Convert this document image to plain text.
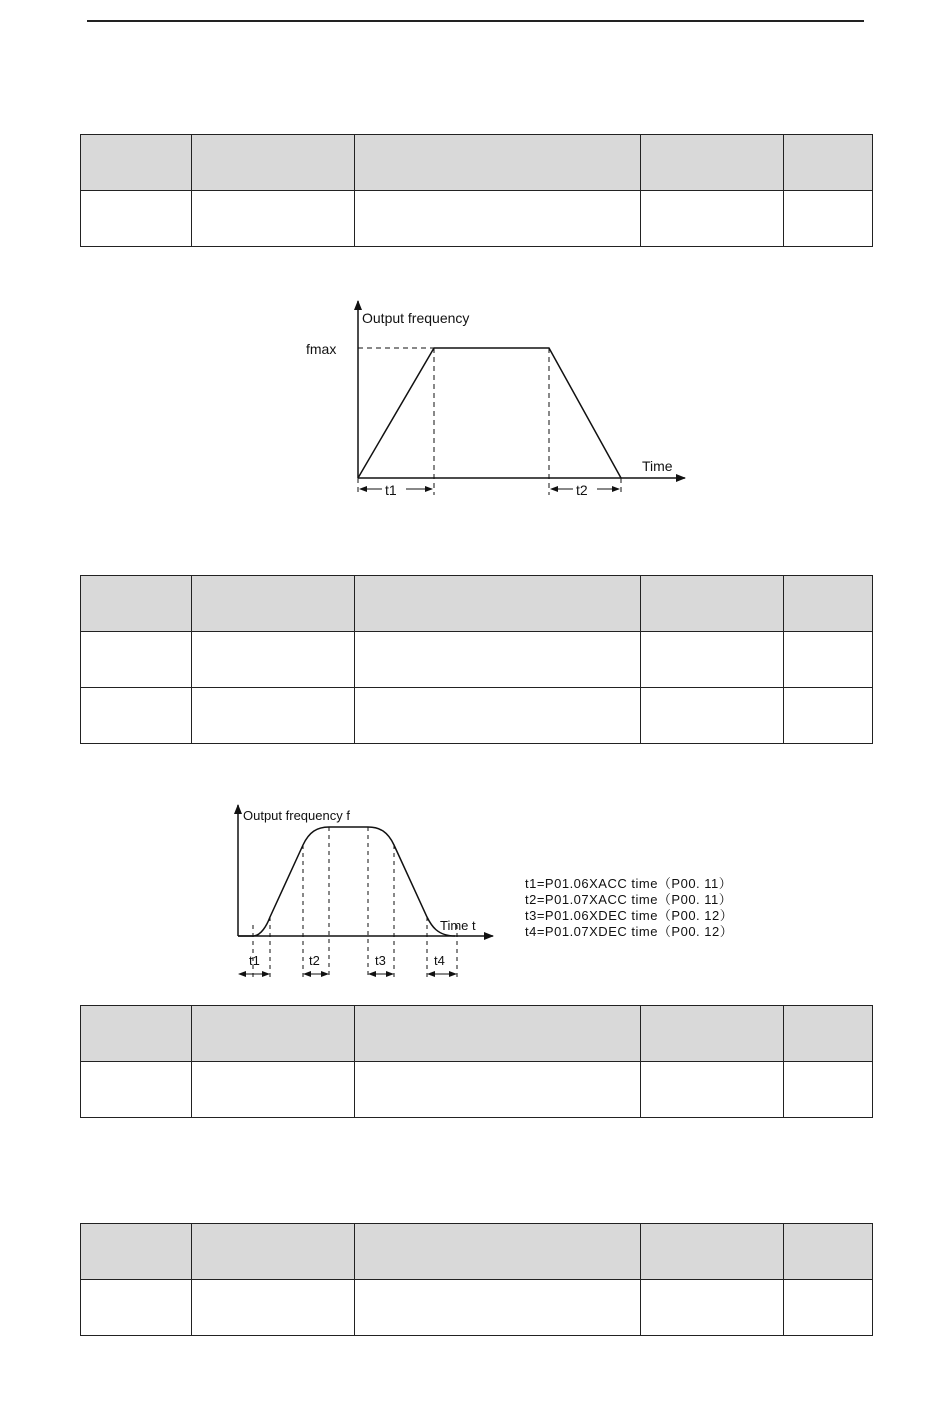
Output frequency
fmax
Time
t1	t2

Output frequency f
Time t
t1	t2	t3	t4
t1=P01.06XACC time（P00. 11）
t2=P01.07XACC time（P00. 11）
t3=P01.06XDEC time（P00. 12）
t4=P01.07XDEC time（P00. 12）
